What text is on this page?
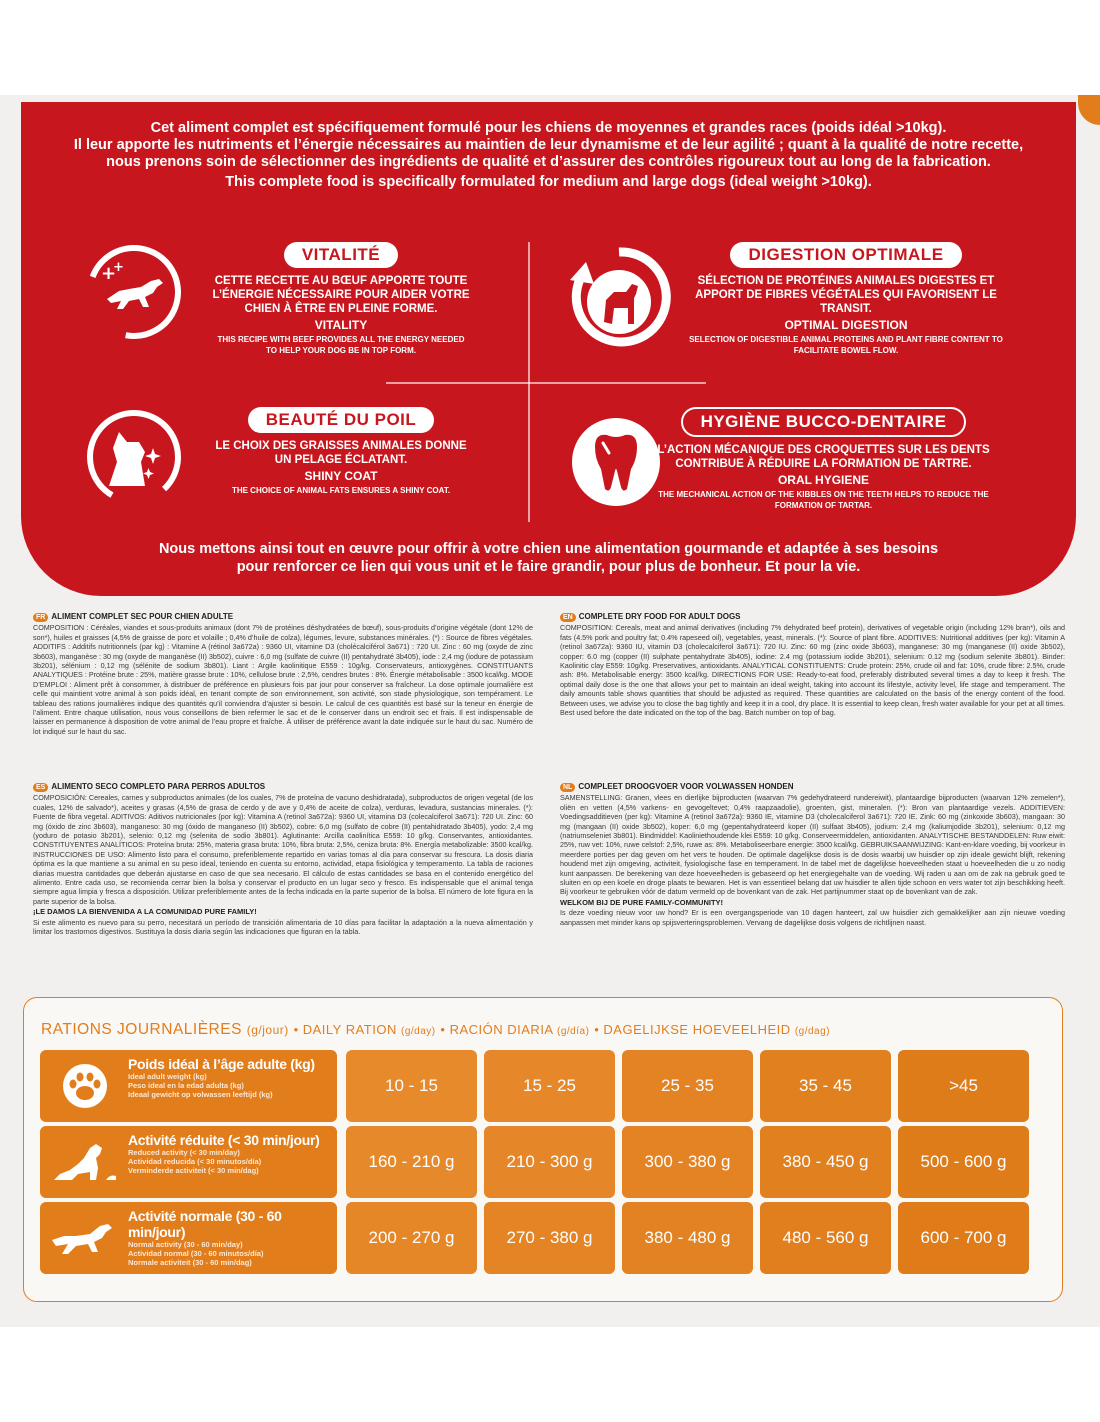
Cet aliment complet est spécifiquement formulé pour les chiens de moyennes et grandes races (poids idéal >10kg).
Il leur apporte les nutriments et l’énergie nécessaires au maintien de leur dynamisme et de leur agilité ; quant à la qualité de notre recette,
nous prenons soin de sélectionner des ingrédients de qualité et d’assurer des contrôles rigoureux tout au long de la fabrication.
This complete food is specifically formulated for medium and large dogs (ideal weight >10kg).
+
+
VITALITÉ
CETTE RECETTE AU BŒUF APPORTE TOUTE L’ÉNERGIE NÉCESSAIRE POUR AIDER VOTRE CHIEN À ÊTRE EN PLEINE FORME.
VITALITY
THIS RECIPE WITH BEEF PROVIDES ALL THE ENERGY NEEDED TO HELP YOUR DOG BE IN TOP FORM.
DIGESTION OPTIMALE
SÉLECTION DE PROTÉINES ANIMALES DIGESTES ET APPORT DE FIBRES VÉGÉTALES QUI FAVORISENT LE TRANSIT.
OPTIMAL DIGESTION
SELECTION OF DIGESTIBLE ANIMAL PROTEINS AND PLANT FIBRE CONTENT TO FACILITATE BOWEL FLOW.
BEAUTÉ DU POIL
LE CHOIX DES GRAISSES ANIMALES DONNE UN PELAGE ÉCLATANT.
SHINY COAT
THE CHOICE OF ANIMAL FATS ENSURES A SHINY COAT.
HYGIÈNE BUCCO-DENTAIRE
L’ACTION MÉCANIQUE DES CROQUETTES SUR LES DENTS CONTRIBUE À RÉDUIRE LA FORMATION DE TARTRE.
ORAL HYGIENE
THE MECHANICAL ACTION OF THE KIBBLES ON THE TEETH HELPS TO REDUCE THE FORMATION OF TARTAR.
Nous mettons ainsi tout en œuvre pour offrir à votre chien une alimentation gourmande et adaptée à ses besoins
pour renforcer ce lien qui vous unit et le faire grandir, pour plus de bonheur. Et pour la vie.
FR ALIMENT COMPLET SEC POUR CHIEN ADULTE
COMPOSITION : Céréales, viandes et sous-produits animaux (dont 7% de protéines déshydratées de bœuf), sous-produits d’origine végétale (dont 12% de son*), huiles et graisses (4,5% de graisse de porc et volaille ; 0,4% d’huile de colza), légumes, levure, substances minérales. (*) : Source de fibres végétales. ADDITIFS : Additifs nutritionnels (par kg) : Vitamine A (rétinol 3a672a) : 9360 UI, vitamine D3 (cholécalciférol 3a671) : 720 UI. Zinc : 60 mg (oxyde de zinc 3b603), manganèse : 30 mg (oxyde de manganèse (II) 3b502), cuivre : 6,0 mg (sulfate de cuivre (II) pentahydraté 3b405), iode : 2,4 mg (iodure de potassium 3b201), sélénium : 0,12 mg (sélénite de sodium 3b801). Liant : Argile kaolinitique E559 : 10g/kg. Conservateurs, antioxygènes. CONSTITUANTS ANALYTIQUES : Protéine brute : 25%, matière grasse brute : 10%, cellulose brute : 2,5%, cendres brutes : 8%. Énergie métabolisable : 3500 kcal/kg. MODE D’EMPLOI : Aliment prêt à consommer, à distribuer de préférence en plusieurs fois par jour pour conserver sa fraîcheur. La dose optimale journalière est celle qui maintient votre animal à son poids idéal, en tenant compte de son environnement, son activité, son stade physiologique, son tempérament. Le tableau des rations journalières indique des quantités qu’il conviendra d’ajuster si besoin. Le calcul de ces quantités est basé sur la teneur en énergie de l’aliment. Entre chaque utilisation, nous vous conseillons de bien refermer le sac et de le conserver dans un endroit sec et frais. Il est indispensable de laisser en permanence à disposition de votre animal de l’eau propre et fraîche. À utiliser de préférence avant la date indiquée sur le haut du sac. Numéro de lot indiqué sur le haut du sac.
ES ALIMENTO SECO COMPLETO PARA PERROS ADULTOS
COMPOSICIÓN: Cereales, carnes y subproductos animales (de los cuales, 7% de proteína de vacuno deshidratada), subproductos de origen vegetal (de los cuales, 12% de salvado*), aceites y grasas (4,5% de grasa de cerdo y de ave y 0,4% de aceite de colza), verduras, levadura, sustancias minerales. (*): Fuente de fibra vegetal. ADITIVOS: Aditivos nutricionales (por kg): Vitamina A (retinol 3a672a): 9360 UI, vitamina D3 (colecalciferol 3a671): 720 UI. Zinc: 60 mg (óxido de zinc 3b603), manganeso: 30 mg (óxido de manganeso (II) 3b502), cobre: 6,0 mg (sulfato de cobre (II) pentahidratado 3b405), yodo: 2,4 mg (yoduro de potasio 3b201), selenio: 0,12 mg (selenita de sodio 3b801). Aglutinante: Arcilla caolinítica E559: 10 g/kg. Conservantes, antioxidantes. CONSTITUYENTES ANALÍTICOS: Proteína bruta: 25%, materia grasa bruta: 10%, fibra bruta: 2,5%, ceniza bruta: 8%. Energía metabolizable: 3500 kcal/kg. INSTRUCCIONES DE USO: Alimento listo para el consumo, preferiblemente repartido en varias tomas al día para conservar su frescura. La dosis diaria óptima es la que mantiene a su animal en su peso ideal, teniendo en cuenta su entorno, actividad, etapa fisiológica y temperamento. La tabla de raciones diarias muestra cantidades que deberán ajustarse en caso de que sea necesario. El cálculo de estas cantidades se basa en el contenido energético del alimento. Entre cada uso, se recomienda cerrar bien la bolsa y conservar el producto en un lugar seco y fresco. Es indispensable que el animal tenga siempre agua limpia y fresca a disposición. Utilizar preferiblemente antes de la fecha indicada en la parte superior de la bolsa. El número de lote figura en la parte superior de la bolsa.
¡LE DAMOS LA BIENVENIDA A LA COMUNIDAD PURE FAMILY!
Si este alimento es nuevo para su perro, necesitará un período de transición alimentaria de 10 días para facilitar la adaptación a la nueva alimentación y limitar los trastornos digestivos. Sustituya la dosis diaria según las indicaciones que figuran en la tabla.
EN COMPLETE DRY FOOD FOR ADULT DOGS
COMPOSITION: Cereals, meat and animal derivatives (including 7% dehydrated beef protein), derivatives of vegetable origin (including 12% bran*), oils and fats (4.5% pork and poultry fat; 0.4% rapeseed oil), vegetables, yeast, minerals. (*): Source of plant fibre. ADDITIVES: Nutritional additives (per kg): Vitamin A (retinol 3a672a): 9360 IU, vitamin D3 (cholecalciferol 3a671): 720 IU. Zinc: 60 mg (zinc oxide 3b603), manganese: 30 mg (manganese (II) oxide 3b502), copper: 6.0 mg (copper (II) sulphate pentahydrate 3b405), iodine: 2.4 mg (potassium iodide 3b201), selenium: 0.12 mg (sodium selenite 3b801). Binder: Kaolinitic clay E559: 10g/kg. Preservatives, antioxidants. ANALYTICAL CONSTITUENTS: Crude protein: 25%, crude oil and fat: 10%, crude fibre: 2.5%, crude ash: 8%. Metabolisable energy: 3500 kcal/kg. DIRECTIONS FOR USE: Ready-to-eat food, preferably distributed several times a day to keep it fresh. The optimal daily dose is the one that allows your pet to maintain an ideal weight, taking into account its lifestyle, activity level, life stage and temperament. The daily amounts table shows quantities that should be adjusted as required. These quantities are calculated on the basis of the energy content of the food. Between uses, we advise you to close the bag tightly and keep it in a cool, dry place. It is essential to keep clean, fresh water available for your pet at all times. Best used before the date indicated on the top of the bag. Batch number on top of bag.
NL COMPLEET DROOGVOER VOOR VOLWASSEN HONDEN
SAMENSTELLING: Granen, vlees en dierlijke bijproducten (waarvan 7% gedehydrateerd rundereiwit), plantaardige bijproducten (waarvan 12% zemelen*), oliën en vetten (4,5% varkens- en gevogeltevet; 0,4% raapzaadolie), groenten, gist, mineralen. (*): Bron van plantaardige vezels. ADDITIEVEN: Voedingsadditieven (per kg): Vitamine A (retinol 3a672a): 9360 IE, vitamine D3 (cholecalciferol 3a671): 720 IE. Zink: 60 mg (zinkoxide 3b603), mangaan: 30 mg (mangaan (II) oxide 3b502), koper: 6,0 mg (gepentahydrateerd koper (II) sulfaat 3b405), jodium: 2,4 mg (kaliumjodide 3b201), selenium: 0,12 mg (natriumseleniet 3b801). Bindmiddel: Kaoliniethoudende klei E559: 10 g/kg. Conserveermiddelen, antioxidanten. ANALYTISCHE BESTANDDELEN: Ruw eiwit: 25%, ruw vet: 10%, ruwe celstof: 2,5%, ruwe as: 8%. Metaboliseerbare energie: 3500 kcal/kg. GEBRUIKSAANWIJZING: Kant-en-klare voeding, bij voorkeur in meerdere porties per dag geven om het vers te houden. De optimale dagelijkse dosis is de dosis waarbij uw huisdier op zijn ideale gewicht blijft, rekening houdend met zijn omgeving, activiteit, fysiologische fase en temperament. In de tabel met de dagelijkse hoeveelheden staat u hoeveelheden die u zo nodig kunt aanpassen. De berekening van deze hoeveelheden is gebaseerd op het energiegehalte van de voeding. Wij raden u aan om de zak na gebruik goed te sluiten en op een koele en droge plaats te bewaren. Het is van essentieel belang dat uw huisdier te allen tijde schoon en vers water tot zijn beschikking heeft. Bij voorkeur te gebruiken vóór de datum vermeld op de bovenkant van de zak. Het partijnummer staat op de bovenkant van de zak.
WELKOM BIJ DE PURE FAMILY-COMMUNITY!
Is deze voeding nieuw voor uw hond? Er is een overgangsperiode van 10 dagen hanteert, zal uw huisdier zich gemakkelijker aan zijn nieuwe voeding aanpassen met minder kans op spijsverteringsproblemen. Vervang de dagelijkse dosis volgens de richtlijnen naast.
RATIONS JOURNALIÈRES (g/jour) • DAILY RATION (g/day) • RACIÓN DIARIA (g/día) • DAGELIJKSE HOEVEELHEID (g/dag)
Poids idéal à l’âge adulte (kg)
Ideal adult weight (kg)
Peso ideal en la edad adulta (kg)
Ideaal gewicht op volwassen leeftijd (kg)	10 - 15	15 - 25	25 - 35	35 - 45	>45
Activité réduite (< 30 min/jour)
Reduced activity (< 30 min/day)
Actividad reducida (< 30 minutos/día)
Verminderde activiteit (< 30 min/dag)	160 - 210 g	210 - 300 g	300 - 380 g	380 - 450 g	500 - 600 g
Activité normale (30 - 60 min/jour)
Normal activity (30 - 60 min/day)
Actividad normal (30 - 60 minutos/día)
Normale activiteit (30 - 60 min/dag)
200 - 270 g	270 - 380 g	380 - 480 g	480 - 560 g	600 - 700 g
